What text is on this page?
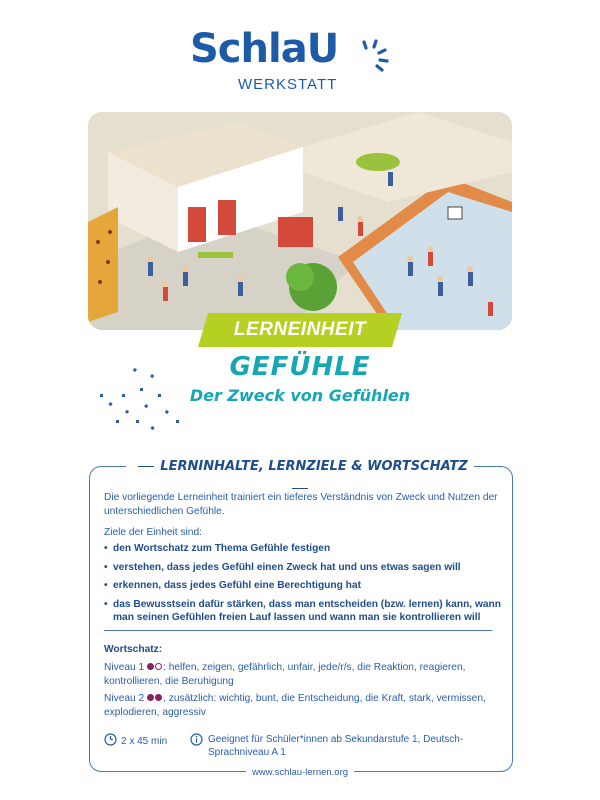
SchlaU
WERKSTATT
LERNEINHEIT
GEFÜHLE
Der Zweck von Gefühlen
LERNINHALTE, LERNZIELE & WORTSCHATZ
Die vorliegende Lerneinheit trainiert ein tieferes Verständnis von Zweck und Nutzen der unterschiedlichen Gefühle.
Ziele der Einheit sind:
• den Wortschatz zum Thema Gefühle festigen
• verstehen, dass jedes Gefühl einen Zweck hat und uns etwas sagen will
• erkennen, dass jedes Gefühl eine Berechtigung hat
• das Bewusstsein dafür stärken, dass man entscheiden (bzw. lernen) kann, wann man seinen Gefühlen freien Lauf lassen und wann man sie kontrollieren will
Wortschatz:
Niveau 1 : helfen, zeigen, gefährlich, unfair, jede/r/s, die Reaktion, reagieren, kontrollieren, die Beruhigung
Niveau 2 , zusätzlich: wichtig, bunt, die Entscheidung, die Kraft, stark, vermissen, explodieren, aggressiv
2 x 45 min	Geeignet für Schüler*innen ab Sekundarstufe 1, Deutsch-Sprachniveau A 1
www.schlau-lernen.org
